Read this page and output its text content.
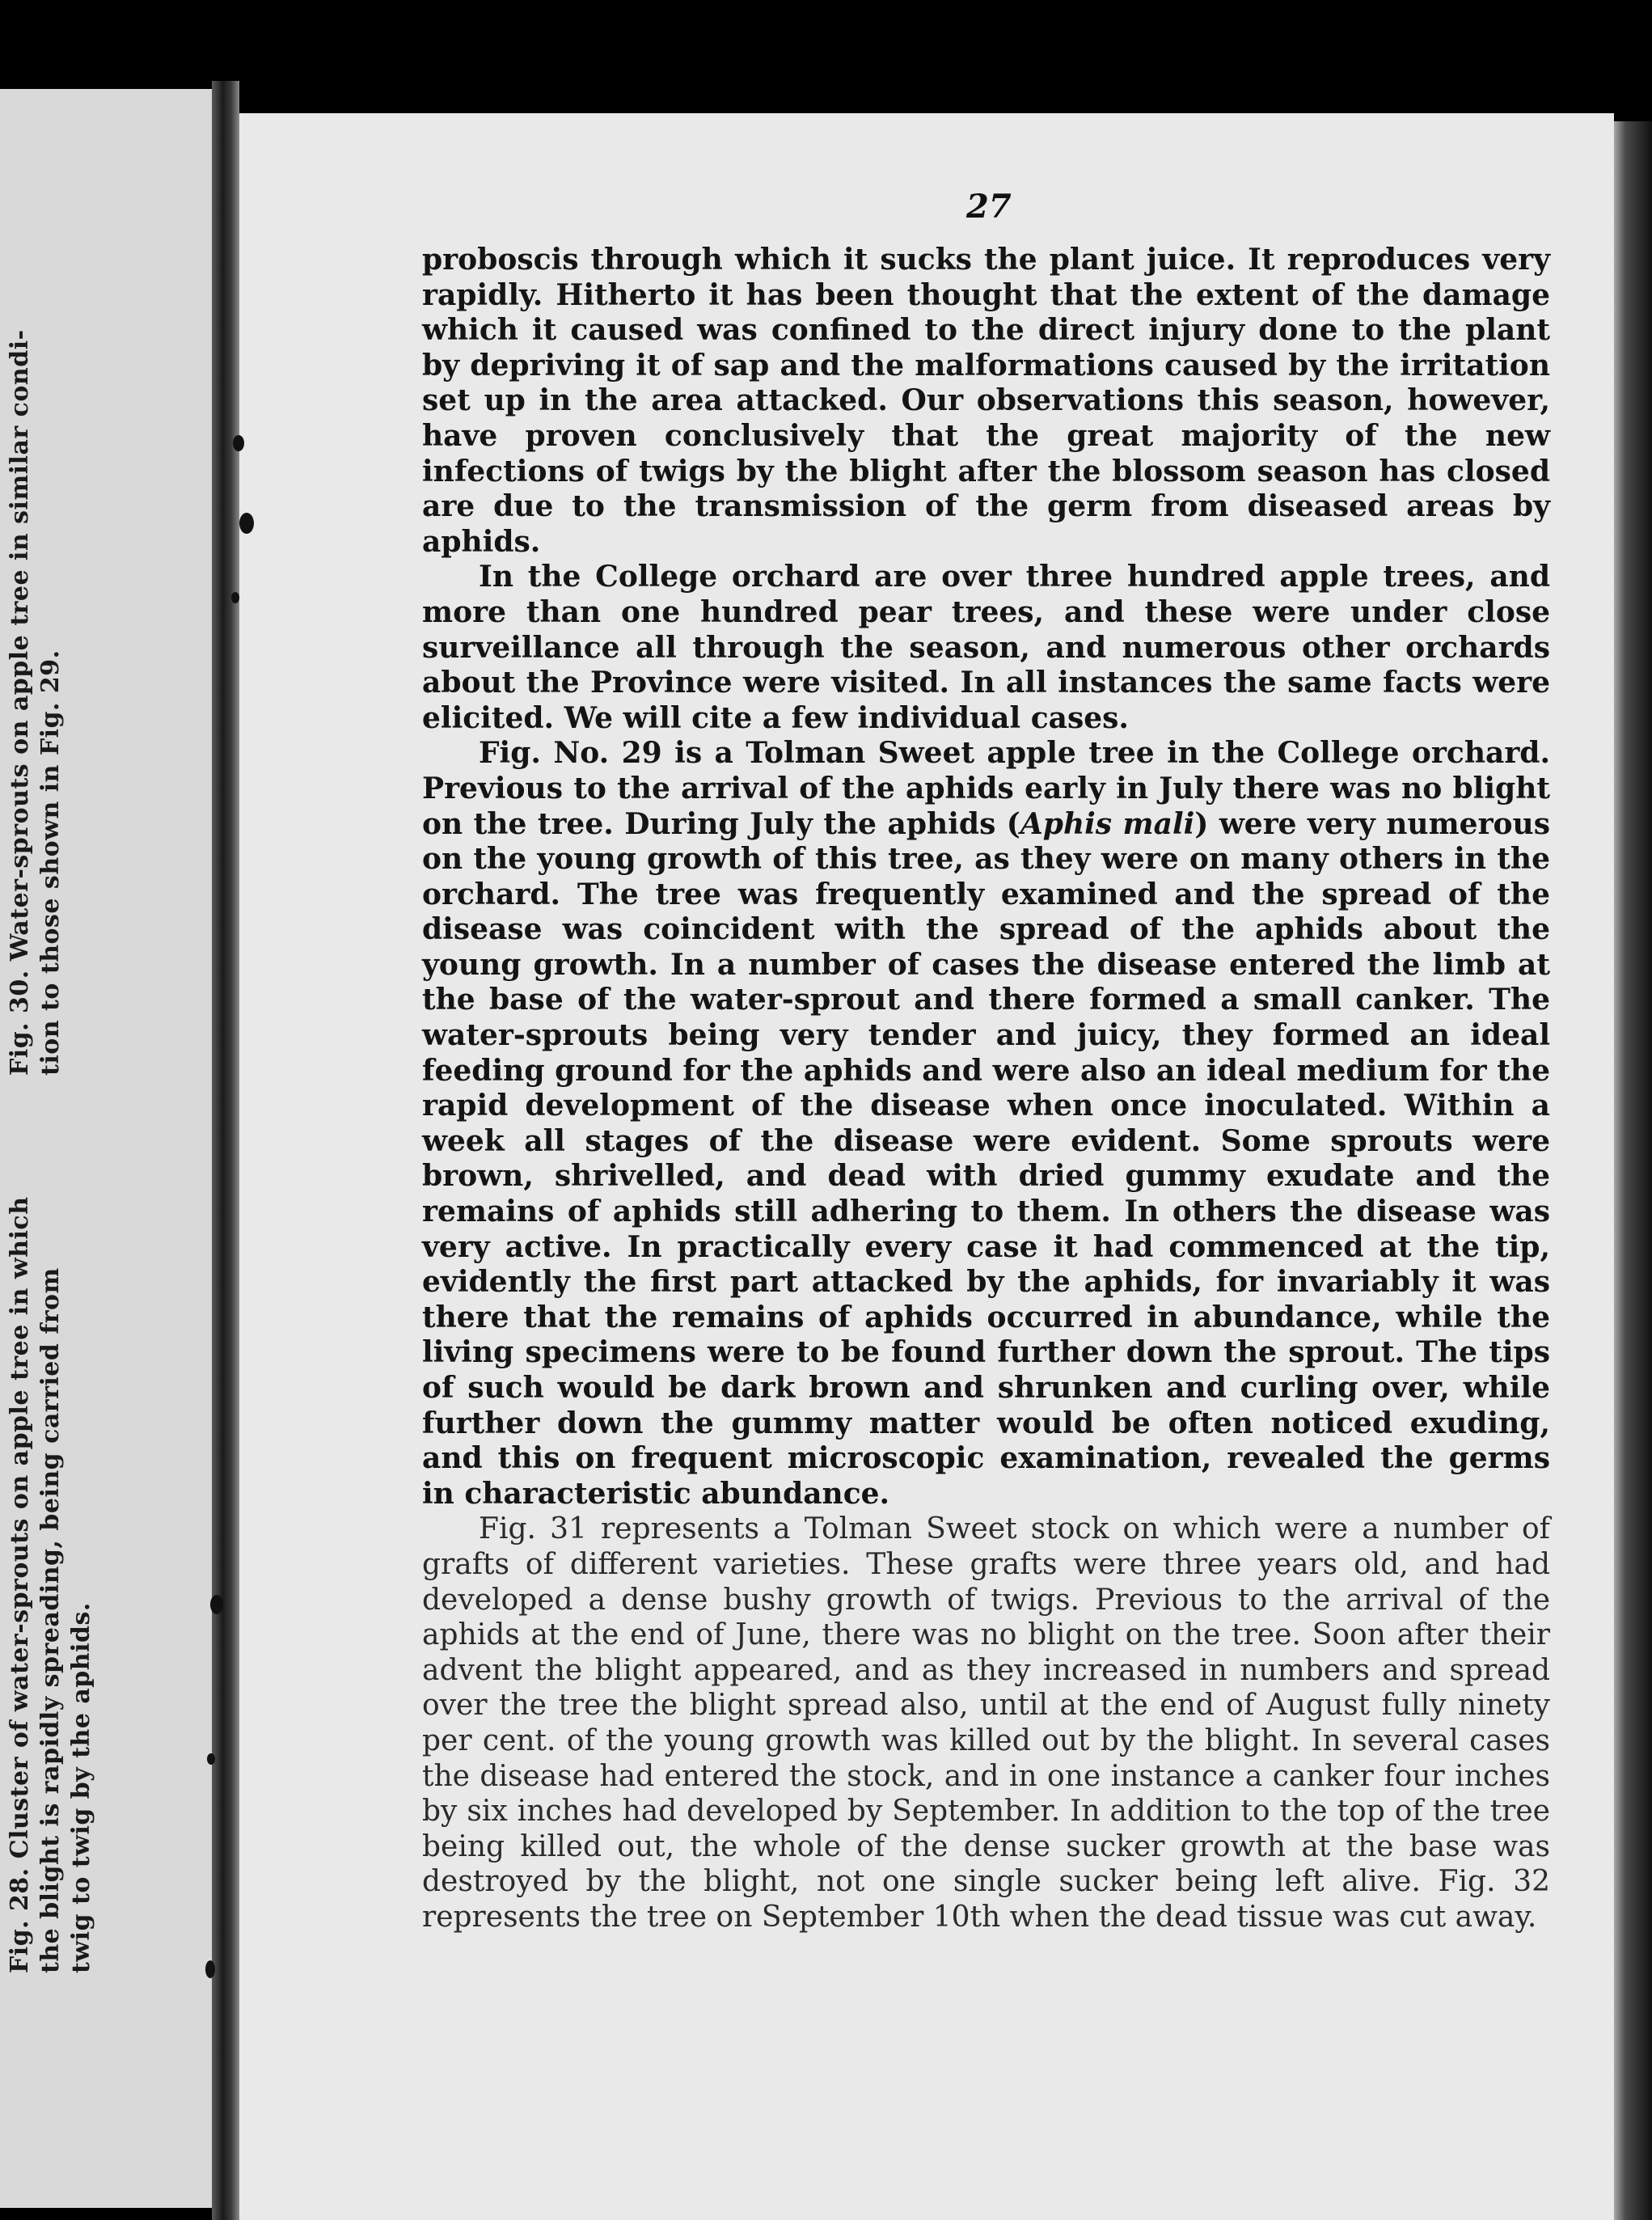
Fig. 28. Cluster of water-sprouts on apple tree in which the blight is rapidly spreading, being carried from twig to twig by the aphids.
Fig. 30. Water-sprouts on apple tree in similar condi- tion to those shown in Fig. 29.
27

proboscis through which it sucks the plant juice. It reproduces very rapidly. Hitherto it has been thought that the extent of the damage which it caused was confined to the direct injury done to the plant by depriving it of sap and the malformations caused by the irritation set up in the area attacked. Our observations this season, however, have proven conclusively that the great majority of the new infections of twigs by the blight after the blossom season has closed are due to the transmission of the germ from diseased areas by aphids.

In the College orchard are over three hundred apple trees, and more than one hundred pear trees, and these were under close surveillance all through the season, and numerous other orchards about the Province were visited. In all instances the same facts were elicited. We will cite a few individual cases.

Fig. No. 29 is a Tolman Sweet apple tree in the College orchard. Previous to the arrival of the aphids early in July there was no blight on the tree. During July the aphids (Aphis mali) were very numerous on the young growth of this tree, as they were on many others in the orchard. The tree was frequently examined and the spread of the disease was coincident with the spread of the aphids about the young growth. In a number of cases the disease entered the limb at the base of the water-sprout and there formed a small canker. The water-sprouts being very tender and juicy, they formed an ideal feeding ground for the aphids and were also an ideal medium for the rapid development of the disease when once inoculated. Within a week all stages of the disease were evident. Some sprouts were brown, shrivelled, and dead with dried gummy exudate and the remains of aphids still adhering to them. In others the disease was very active. In practically every case it had commenced at the tip, evidently the first part attacked by the aphids, for invariably it was there that the remains of aphids occurred in abundance, while the living specimens were to be found further down the sprout. The tips of such would be dark brown and shrunken and curling over, while further down the gummy matter would be often noticed exuding, and this on frequent microscopic examination, revealed the germs in characteristic abundance.

Fig. 31 represents a Tolman Sweet stock on which were a number of grafts of different varieties. These grafts were three years old, and had developed a dense bushy growth of twigs. Previous to the arrival of the aphids at the end of June, there was no blight on the tree. Soon after their advent the blight appeared, and as they increased in numbers and spread over the tree the blight spread also, until at the end of August fully ninety per cent. of the young growth was killed out by the blight. In several cases the disease had entered the stock, and in one instance a canker four inches by six inches had developed by September. In addition to the top of the tree being killed out, the whole of the dense sucker growth at the base was destroyed by the blight, not one single sucker being left alive. Fig. 32 represents the tree on September 10th when the dead tissue was cut away.
